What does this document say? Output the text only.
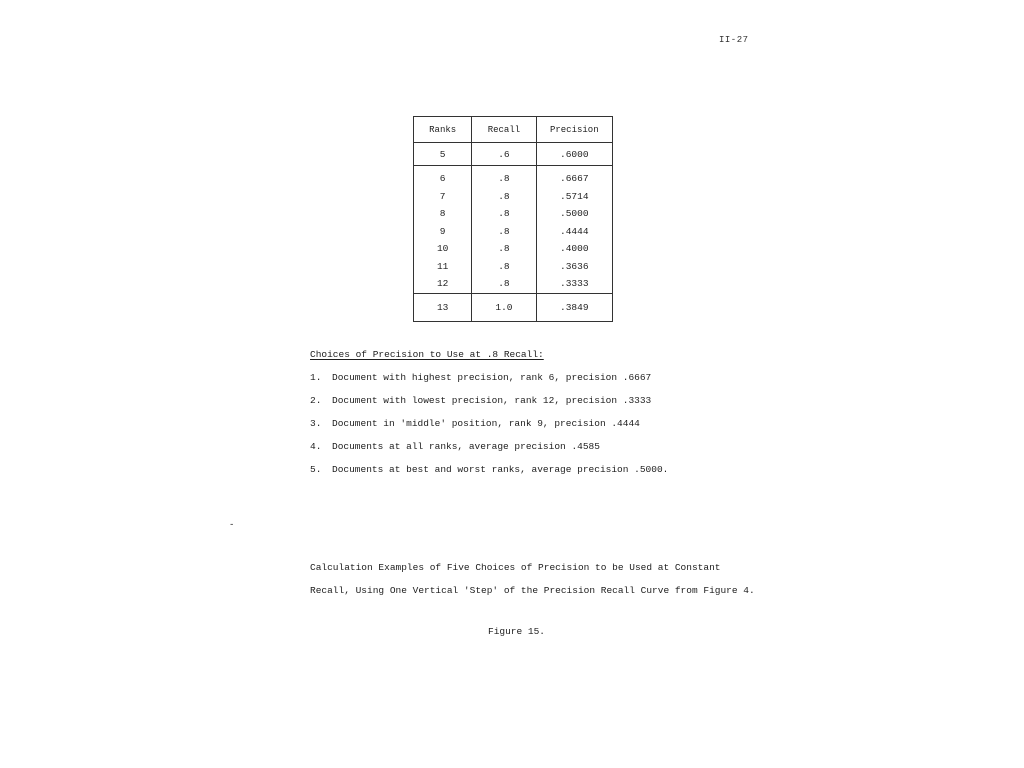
II-27
Ranks	Recall	Precision
5	.6	.6000
6	.8	.6667
7	.8	.5714
8	.8	.5000
9	.8	.4444
10	.8	.4000
11	.8	.3636
12	.8	.3333
13	1.0	.3849
Choices of Precision to Use at .8 Recall:
1. Document with highest precision, rank 6, precision .6667
2. Document with lowest precision, rank 12, precision .3333
3. Document in 'middle' position, rank 9, precision .4444
4. Documents at all ranks, average precision .4585
5. Documents at best and worst ranks, average precision .5000.
-
Calculation Examples of Five Choices of Precision to be Used at Constant
Recall, Using One Vertical 'Step' of the Precision Recall Curve from Figure 4.
Figure 15.
